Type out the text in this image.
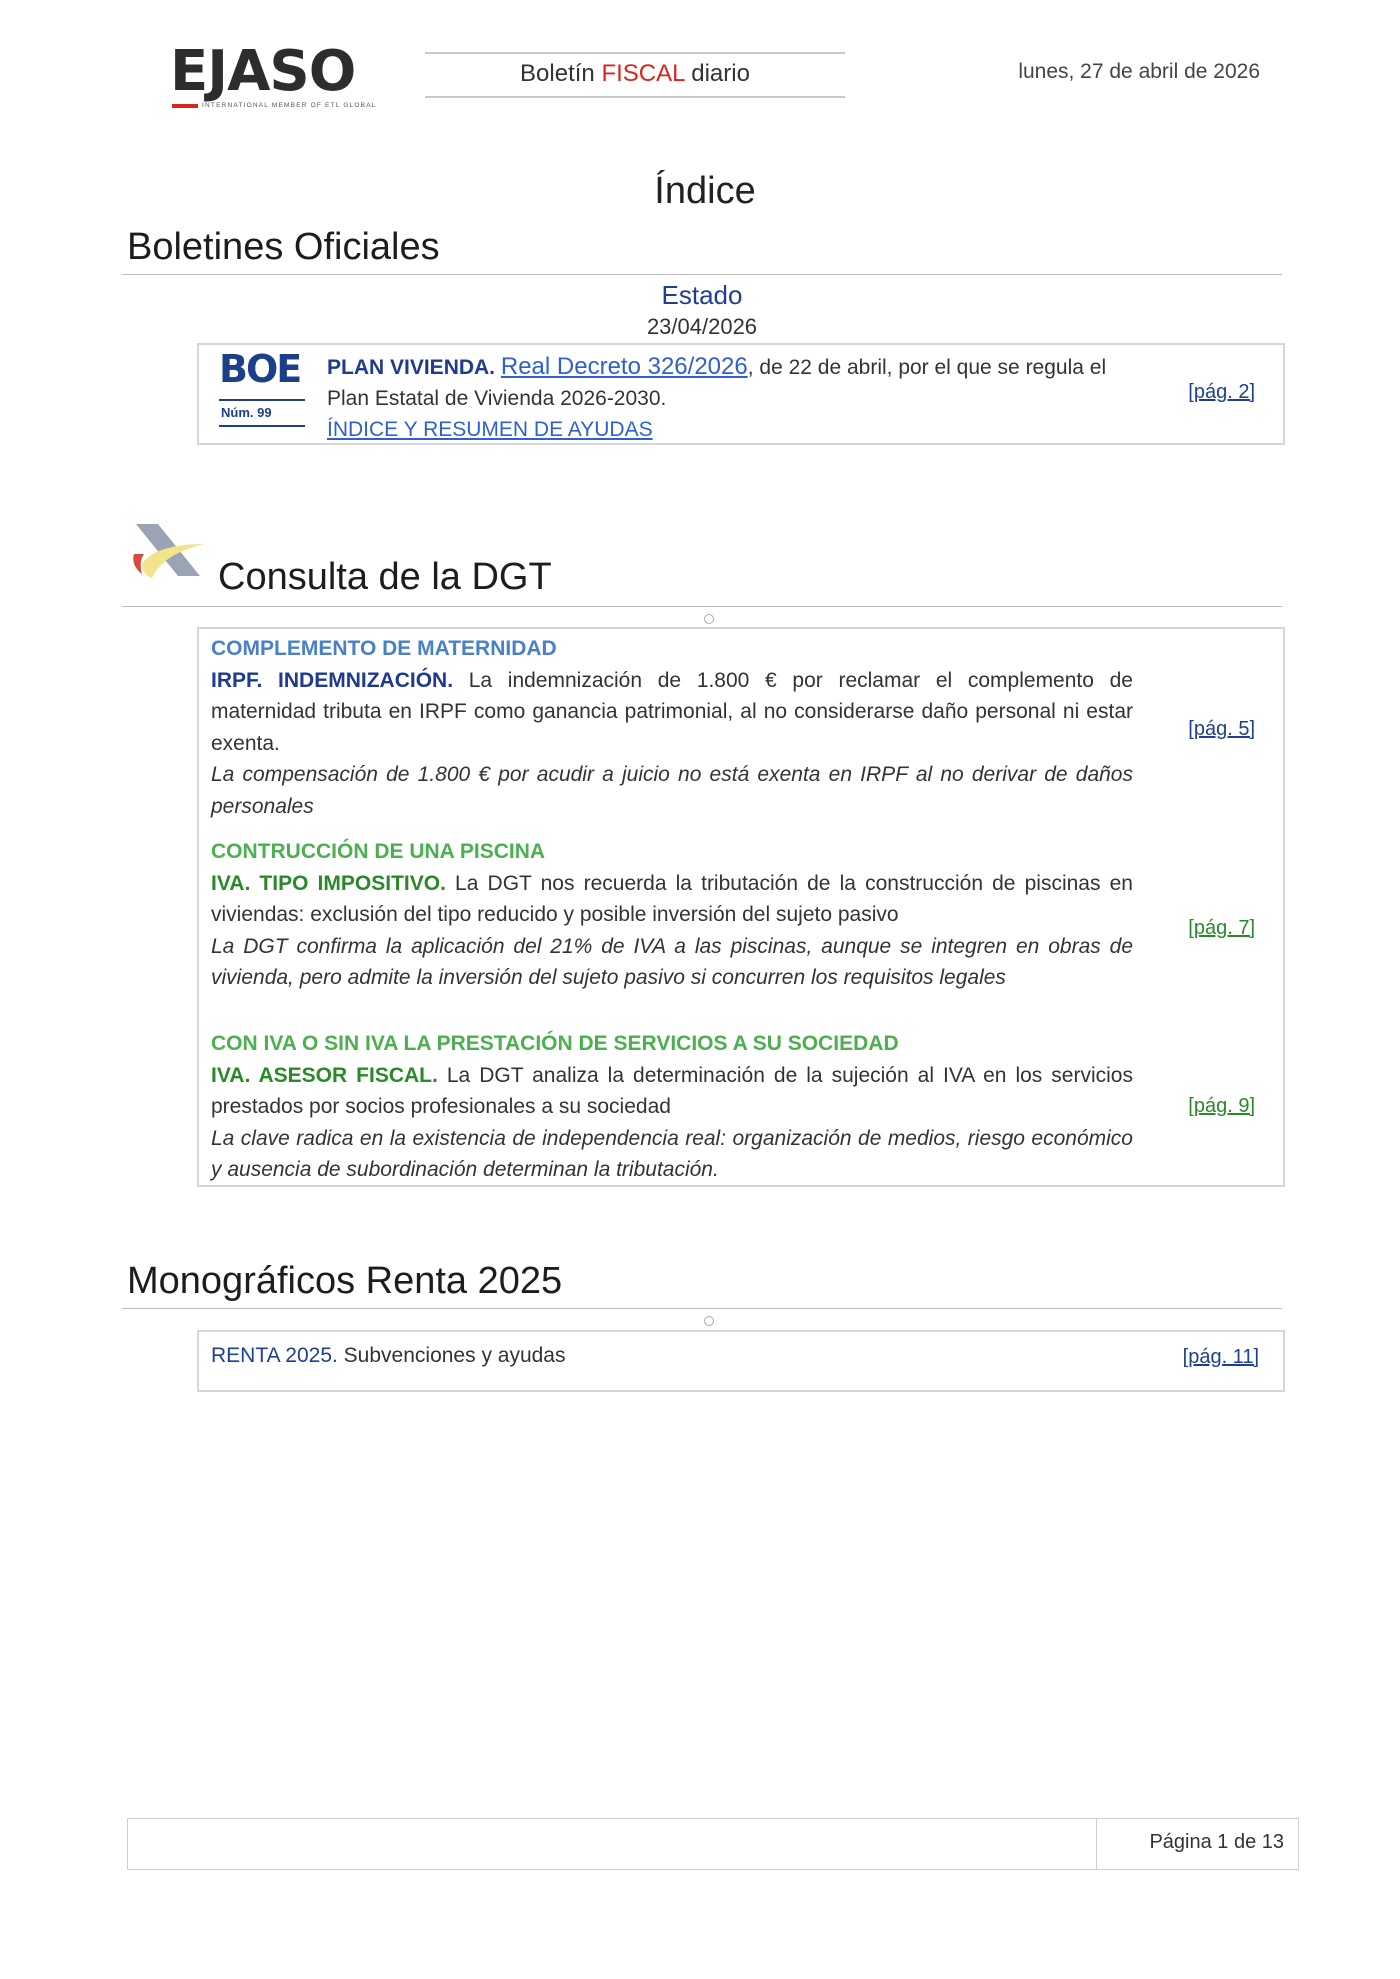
EJASO
INTERNATIONAL MEMBER OF ETL GLOBAL
Boletín FISCAL diario	lunes, 27 de abril de 2026
Índice
Boletines Oficiales
Estado
23/04/2026
BOE
Núm. 99
PLAN VIVIENDA. Real Decreto 326/2026, de 22 de abril, por el que se regula el Plan Estatal de Vivienda 2026-2030.
ÍNDICE Y RESUMEN DE AYUDAS
[pág. 2]
Consulta de la DGT
COMPLEMENTO DE MATERNIDAD
IRPF. INDEMNIZACIÓN. La indemnización de 1.800 € por reclamar el complemento de maternidad tributa en IRPF como ganancia patrimonial, al no considerarse daño personal ni estar exenta.
La compensación de 1.800 € por acudir a juicio no está exenta en IRPF al no derivar de daños personales
[pág. 5]
CONTRUCCIÓN DE UNA PISCINA
IVA. TIPO IMPOSITIVO. La DGT nos recuerda la tributación de la construcción de piscinas en viviendas: exclusión del tipo reducido y posible inversión del sujeto pasivo
La DGT confirma la aplicación del 21% de IVA a las piscinas, aunque se integren en obras de vivienda, pero admite la inversión del sujeto pasivo si concurren los requisitos legales
[pág. 7]
CON IVA O SIN IVA LA PRESTACIÓN DE SERVICIOS A SU SOCIEDAD
IVA. ASESOR FISCAL. La DGT analiza la determinación de la sujeción al IVA en los servicios prestados por socios profesionales a su sociedad
La clave radica en la existencia de independencia real: organización de medios, riesgo económico y ausencia de subordinación determinan la tributación.
[pág. 9]
Monográficos Renta 2025
RENTA 2025. Subvenciones y ayudas	[pág. 11]
Página 1 de 13
